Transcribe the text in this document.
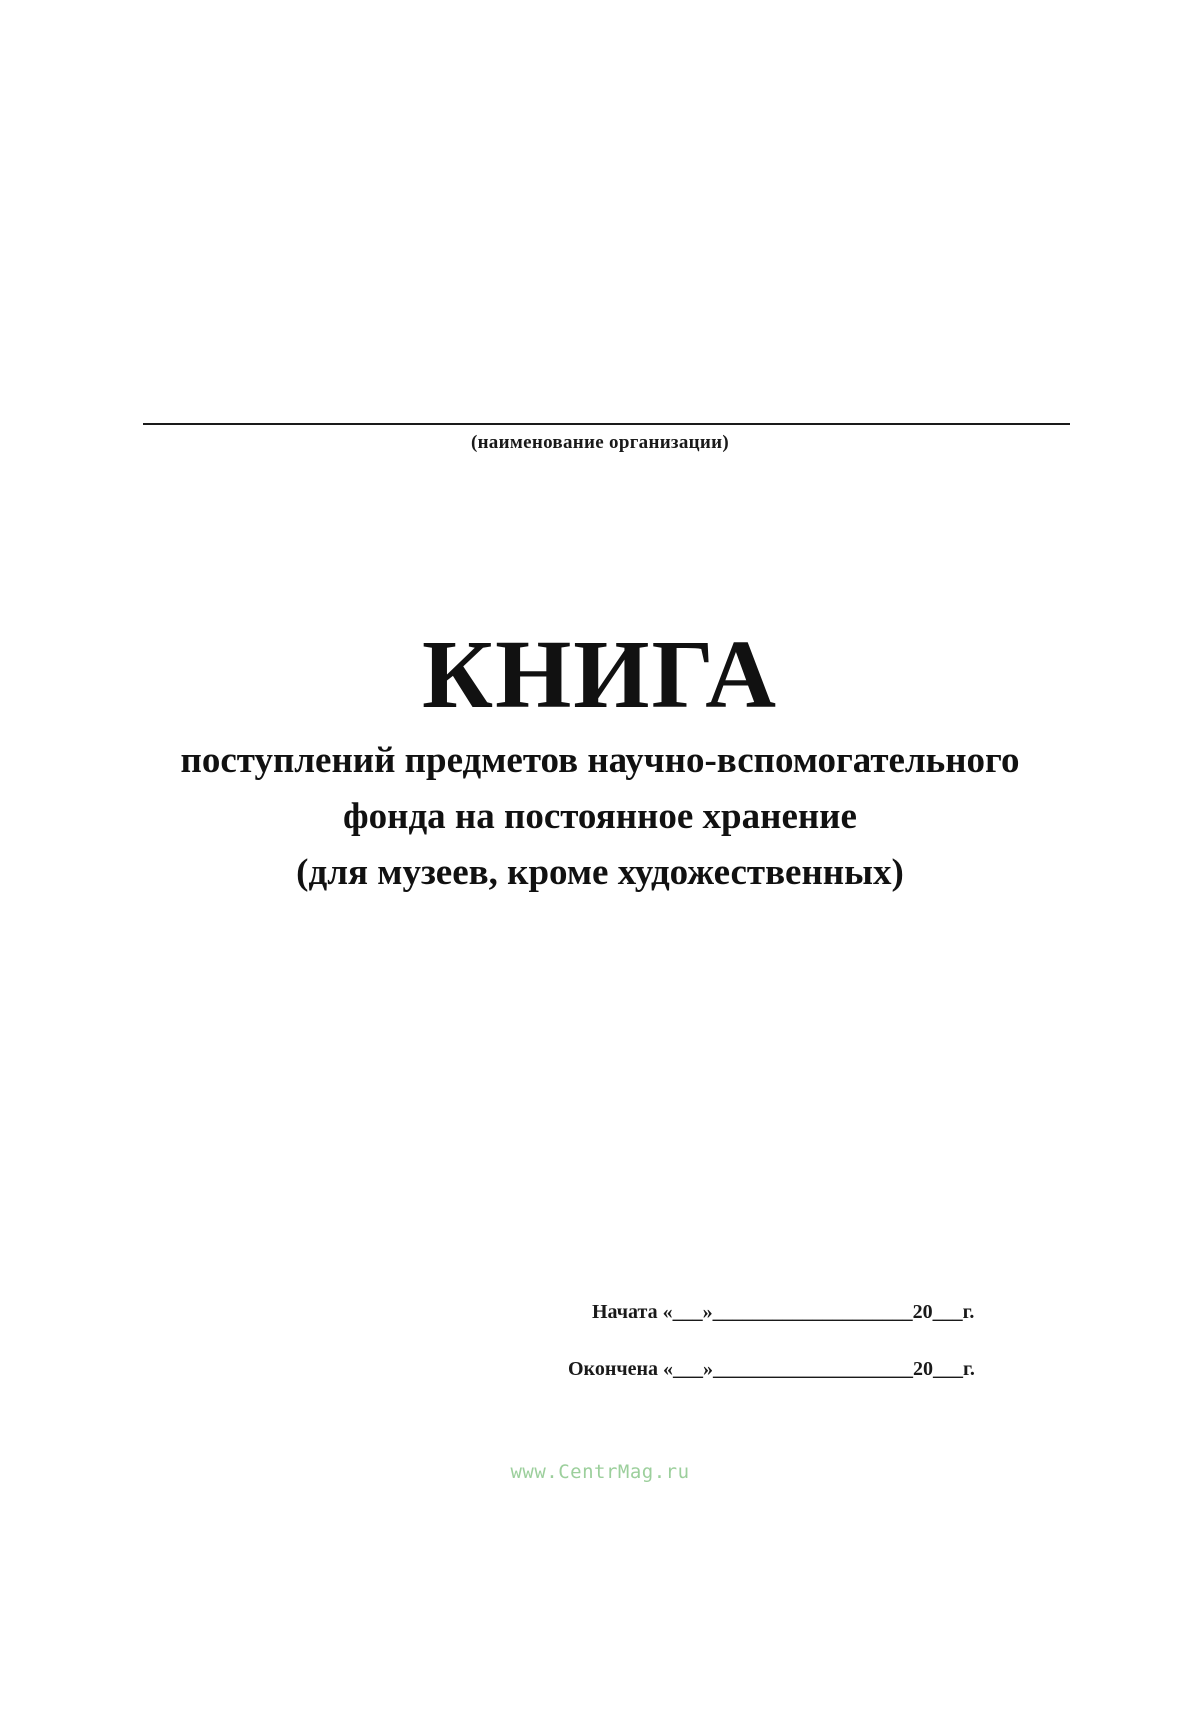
(наименование организации)
КНИГА
поступлений предметов научно-вспомогательного
фонда на постоянное хранение
(для музеев, кроме художественных)
Начата «___»____________________20___г.
Окончена «___»____________________20___г.
www.CentrMag.ru
